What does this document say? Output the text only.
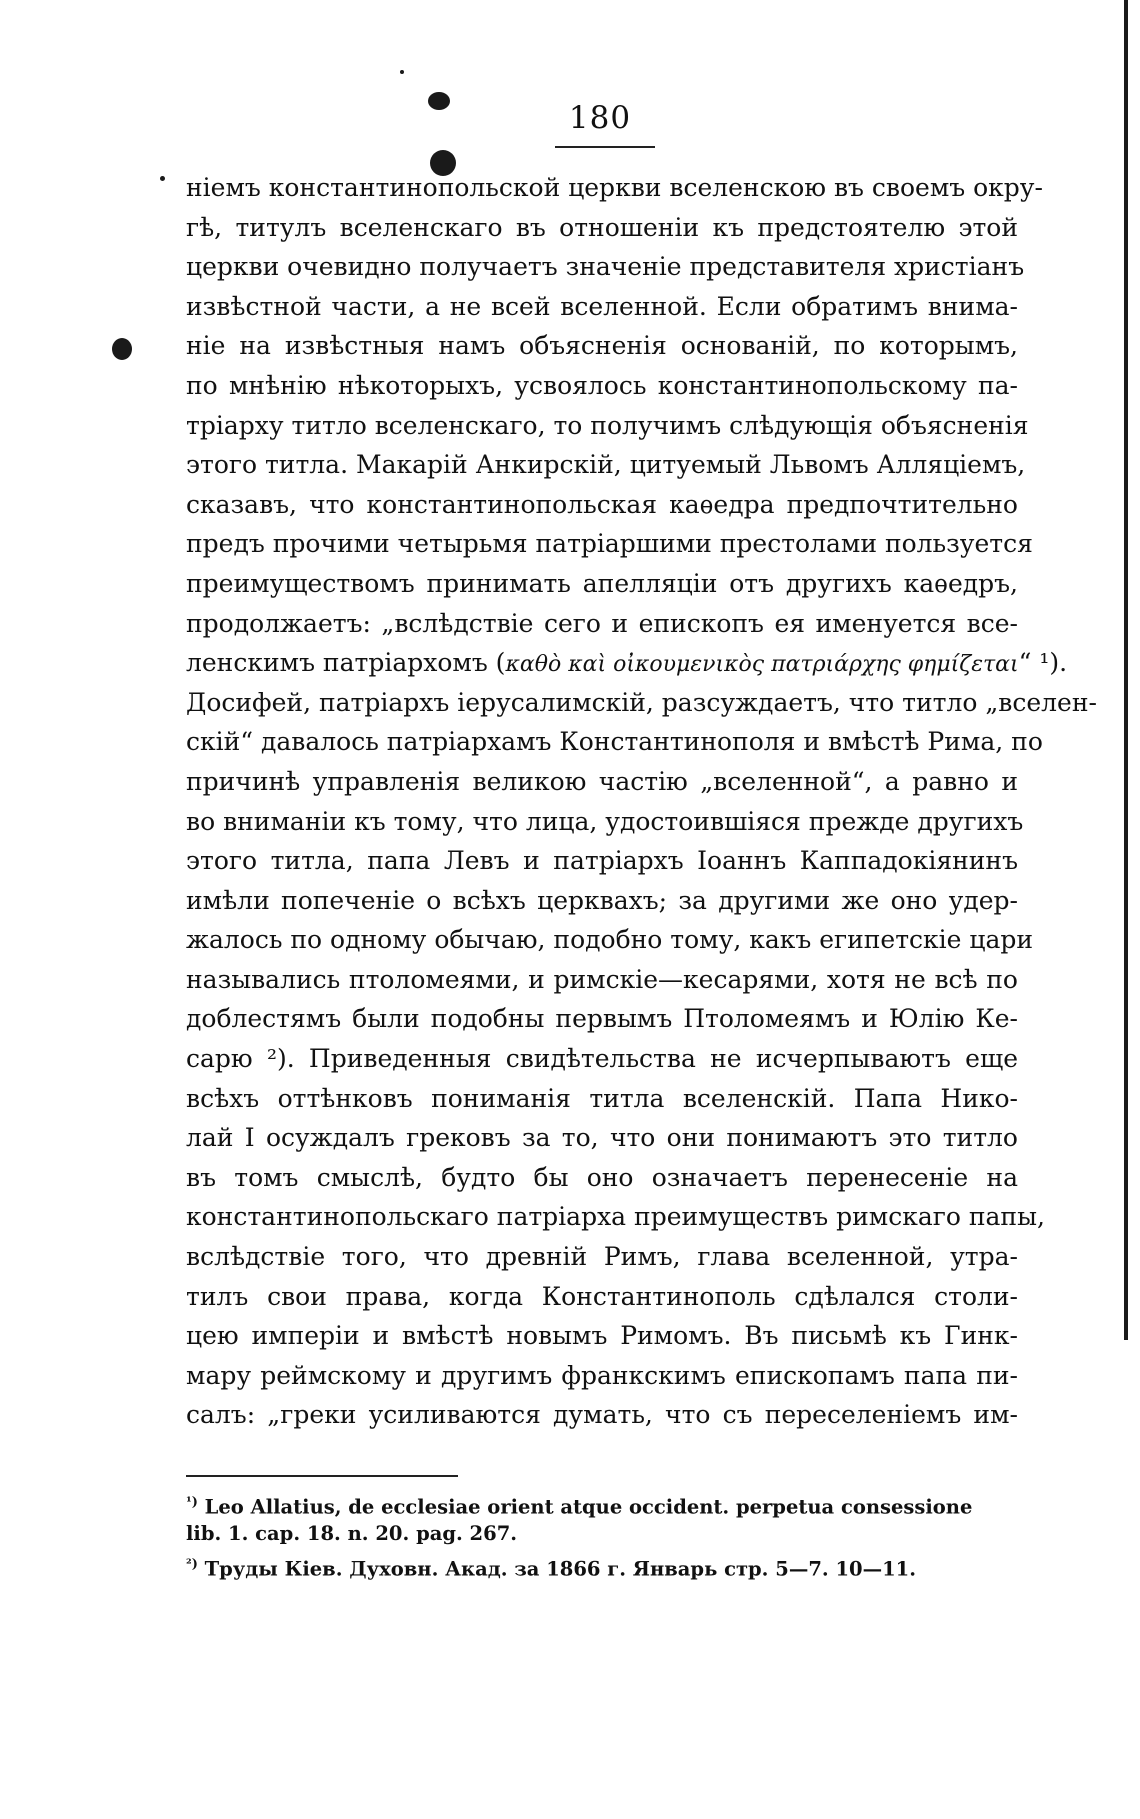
180
ніемъ константинопольской церкви вселенскою въ своемъ окру-
гѣ, титулъ вселенскаго въ отношеніи къ предстоятелю этой
церкви очевидно получаетъ значеніе представителя христіанъ
извѣстной части, а не всей вселенной. Если обратимъ внима-
ніе на извѣстныя намъ объясненія основаній, по которымъ,
по мнѣнію нѣкоторыхъ, усвоялось константинопольскому па-
тріарху титло вселенскаго, то получимъ слѣдующія объясненія
этого титла. Макарій Анкирскій, цитуемый Львомъ Алляціемъ,
сказавъ, что константинопольская каѳедра предпочтительно
предъ прочими четырьмя патріаршими престолами пользуется
преимуществомъ принимать апелляціи отъ другихъ каѳедръ,
продолжаетъ: „вслѣдствіе сего и епископъ ея именуется все-
ленскимъ патріархомъ (καθὸ καὶ οἰκουμενικὸς πατριάρχης φημίζεται“ ¹).
Досифей, патріархъ іерусалимскій, разсуждаетъ, что титло „вселен-
скій“ давалось патріархамъ Константинополя и вмѣстѣ Рима, по
причинѣ управленія великою частію „вселенной“, а равно и
во вниманіи къ тому, что лица, удостоившіяся прежде другихъ
этого титла, папа Левъ и патріархъ Іоаннъ Каппадокіянинъ
имѣли попеченіе о всѣхъ церквахъ; за другими же оно удер-
жалось по одному обычаю, подобно тому, какъ египетскіе цари
назывались птоломеями, и римскіе—кесарями, хотя не всѣ по
доблестямъ были подобны первымъ Птоломеямъ и Юлію Ке-
сарю ²). Приведенныя свидѣтельства не исчерпываютъ еще
всѣхъ оттѣнковъ пониманія титла вселенскій. Папа Нико-
лай I осуждалъ грековъ за то, что они понимаютъ это титло
въ томъ смыслѣ, будто бы оно означаетъ перенесеніе на
константинопольскаго патріарха преимуществъ римскаго папы,
вслѣдствіе того, что древній Римъ, глава вселенной, утра-
тилъ свои права, когда Константинополь сдѣлался столи-
цею имперіи и вмѣстѣ новымъ Римомъ. Въ письмѣ къ Гинк-
мару реймскому и другимъ франкскимъ епископамъ папа пи-
салъ: „греки усиливаются думать, что съ переселеніемъ им-
$^{^1)}$ Leo Allatius, de ecclesiae orient atque occident. perpetua consessione
lib. 1. cap. 18. n. 20. pag. 267.
$^{^2)}$ Труды Кіев. Духовн. Акад. за 1866 г. Январь стр. 5—7. 10—11.
